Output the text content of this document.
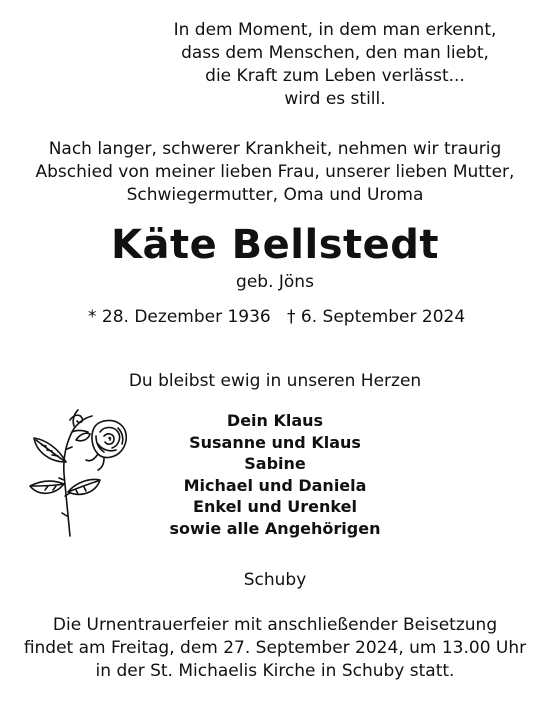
In dem Moment, in dem man erkennt,
dass dem Menschen, den man liebt,
die Kraft zum Leben verlässt...
wird es still.
Nach langer, schwerer Krankheit, nehmen wir traurig
Abschied von meiner lieben Frau, unserer lieben Mutter,
Schwiegermutter, Oma und Uroma
Käte Bellstedt
geb. Jöns
* 28. Dezember 1936 † 6. September 2024
Du bleibst ewig in unseren Herzen
Dein Klaus
Susanne und Klaus
Sabine
Michael und Daniela
Enkel und Urenkel
sowie alle Angehörigen
Schuby
Die Urnentrauerfeier mit anschließender Beisetzung
findet am Freitag, dem 27. September 2024, um 13.00 Uhr
in der St. Michaelis Kirche in Schuby statt.
